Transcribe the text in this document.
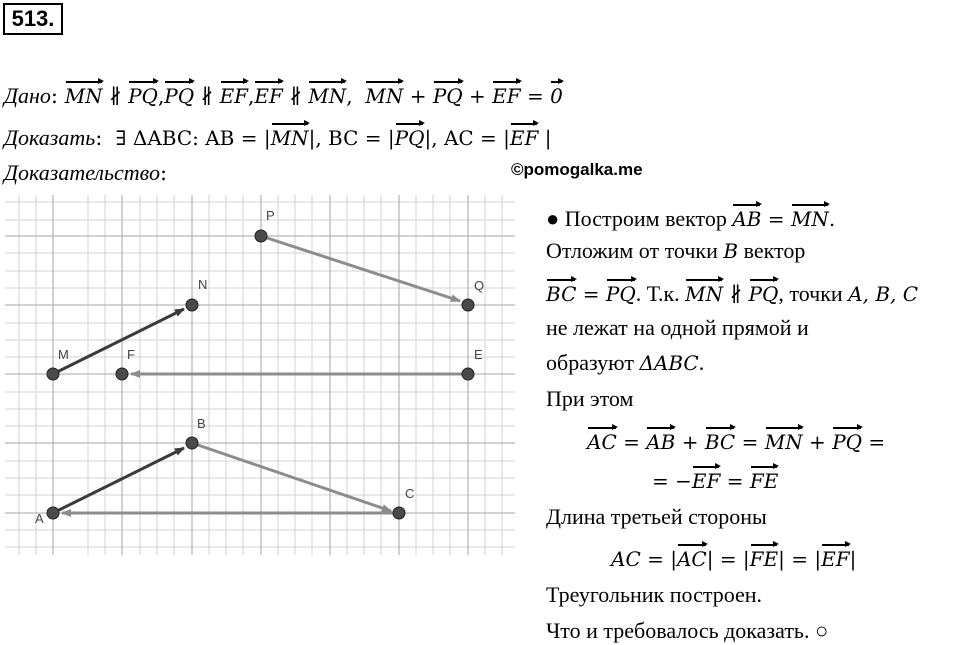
513.
Дано: MN ∦ PQ,PQ ∦ EF,EF ∦ MN,  MN + PQ + EF = 0
Доказать:  ∃ ΔABC: AB = |MN|, BC = |PQ|, AC = |EF |
Доказательство:	©pomogalka.me
P
Q
N
M	F	E
B
A
C
● Построим вектор AB = MN.
Отложим от точки B вектор
BC = PQ. Т.к. MN ∦ PQ, точки A, B, C
не лежат на одной прямой и
образуют ΔABC.
При этом
AC = AB + BC = MN + PQ =
= −EF = FE
Длина третьей стороны
AC = |AC| = |FE| = |EF|
Треугольник построен.
Что и требовалось доказать. ○
